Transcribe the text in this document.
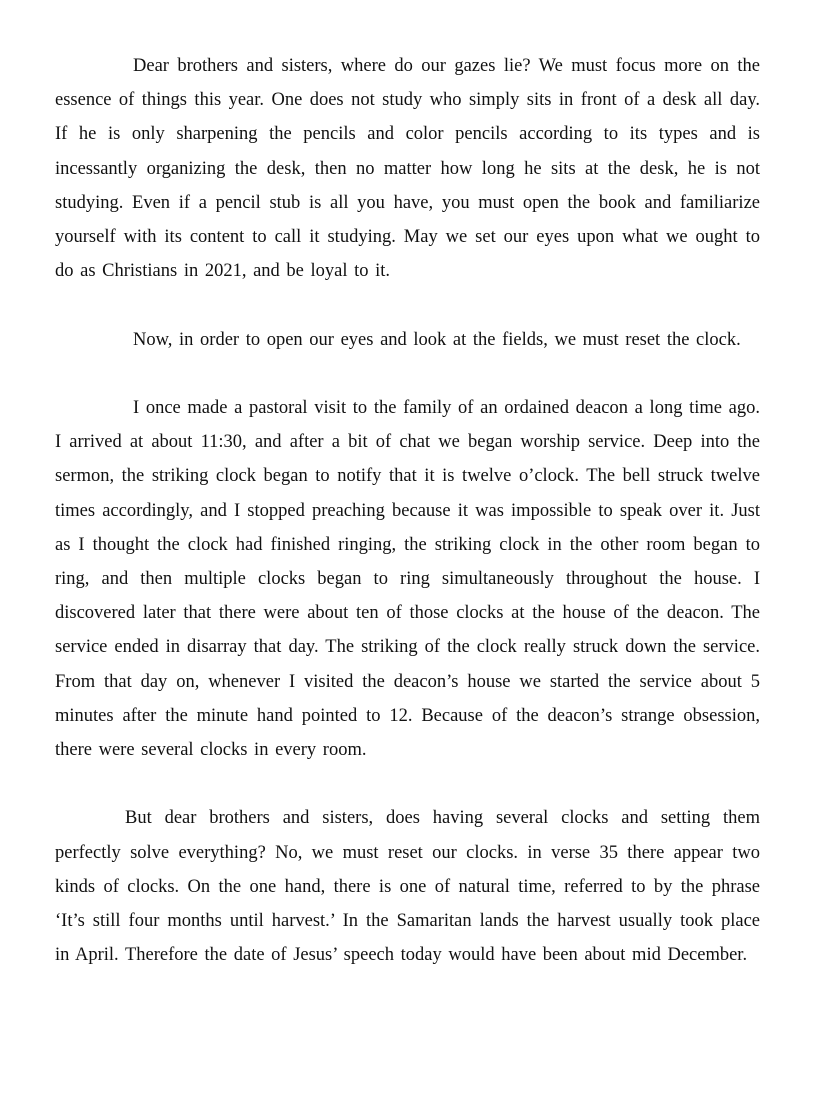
Dear brothers and sisters, where do our gazes lie? We must focus more on the essence of things this year. One does not study who simply sits in front of a desk all day. If he is only sharpening the pencils and color pencils according to its types and is incessantly organizing the desk, then no matter how long he sits at the desk, he is not studying. Even if a pencil stub is all you have, you must open the book and familiarize yourself with its content to call it studying. May we set our eyes upon what we ought to do as Christians in 2021, and be loyal to it.

Now, in order to open our eyes and look at the fields, we must reset the clock.

I once made a pastoral visit to the family of an ordained deacon a long time ago. I arrived at about 11:30, and after a bit of chat we began worship service. Deep into the sermon, the striking clock began to notify that it is twelve o’clock. The bell struck twelve times accordingly, and I stopped preaching because it was impossible to speak over it. Just as I thought the clock had finished ringing, the striking clock in the other room began to ring, and then multiple clocks began to ring simultaneously throughout the house. I discovered later that there were about ten of those clocks at the house of the deacon. The service ended in disarray that day. The striking of the clock really struck down the service. From that day on, whenever I visited the deacon’s house we started the service about 5 minutes after the minute hand pointed to 12. Because of the deacon’s strange obsession, there were several clocks in every room.

But dear brothers and sisters, does having several clocks and setting them perfectly solve everything? No, we must reset our clocks. in verse 35 there appear two kinds of clocks. On the one hand, there is one of natural time, referred to by the phrase ‘It’s still four months until harvest.’ In the Samaritan lands the harvest usually took place in April. Therefore the date of Jesus’ speech today would have been about mid December.
